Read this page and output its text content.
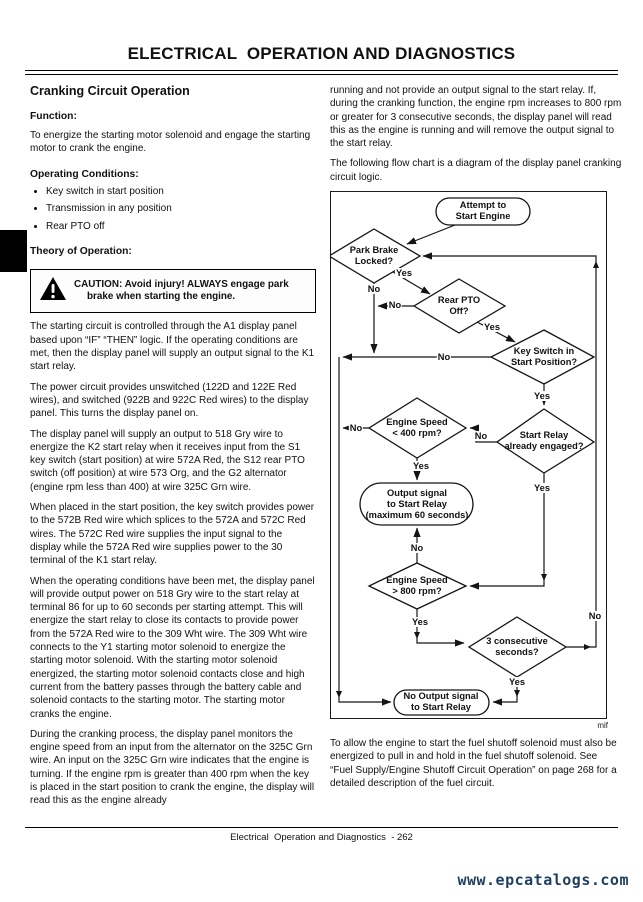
ELECTRICAL  OPERATION AND DIAGNOSTICS
Cranking Circuit Operation
Function:

To energize the starting motor solenoid and engage the starting motor to crank the engine.

Operating Conditions:
• Key switch in start position
• Transmission in any position
• Rear PTO off
Theory of Operation:
CAUTION: Avoid injury! ALWAYS engage park brake when starting the engine.

The starting circuit is controlled through the A1 display panel based upon “IF” “THEN” logic. If the operating conditions are met, then the display panel will supply an output signal to the K1 start relay.

The power circuit provides unswitched (122D and 122E Red wires), and switched (922B and 922C Red wires) to the display panel. This turns the display panel on.

The display panel will supply an output to 518 Gry wire to energize the K2 start relay when it receives input from the S1 key switch (start position) at wire 572A Red, the S12 rear PTO switch (off position) at wire 573 Org, and the G2 alternator (engine rpm less than 400) at wire 325C Grn wire.

When placed in the start position, the key switch provides power to the 572B Red wire which splices to the 572A and 572C Red wires. The 572C Red wire supplies the input signal to the display while the 572A Red wire supplies power to the 30 terminal of the K1 start relay.

When the operating conditions have been met, the display panel will provide output power on 518 Gry wire to the start relay at terminal 86 for up to 60 seconds per starting attempt. This will energize the start relay to close its contacts to provide power from the 572A Red wire to the 309 Wht wire. The 309 Wht wire connects to the Y1 starting motor solenoid to energize the starting motor solenoid. With the starting motor solenoid energized, the starting motor solenoid contacts close and high current from the battery passes through the battery cable and solenoid contacts to the starting motor. The starting motor cranks the engine.

During the cranking process, the display panel monitors the engine speed from an input from the alternator on the 325C Grn wire. An input on the 325C Grn wire indicates that the engine is turning. If the engine rpm is greater than 400 rpm when the key is placed in the start position to crank the engine, the display will read this as the engine already

running and not provide an output signal to the start relay. If, during the cranking function, the engine rpm increases to 800 rpm or greater for 3 consecutive seconds, the display panel will read this as the engine is running and will remove the output signal to the start relay.

The following flow chart is a diagram of the display panel cranking circuit logic.

Attempt to
Start Engine
Park Brake
Locked?
Rear PTO
Off?
Key Switch in
Start Position?
Start Relay
already engaged?
Engine Speed
< 400 rpm?
Output signal
to Start Relay
(maximum 60 seconds)
Engine Speed
> 800 rpm?
3 consecutive
seconds?
No Output signal
to Start Relay
Yes
No
No
Yes
No
Yes
No
No
Yes
Yes
No
Yes
No
Yes
mif

To allow the engine to start the fuel shutoff solenoid must also be energized to pull in and hold in the fuel shutoff solenoid. See “Fuel Supply/Engine Shutoff Circuit Operation” on page 268 for a detailed description of the fuel circuit.

Electrical  Operation and Diagnostics  - 262
www.epcatalogs.com
